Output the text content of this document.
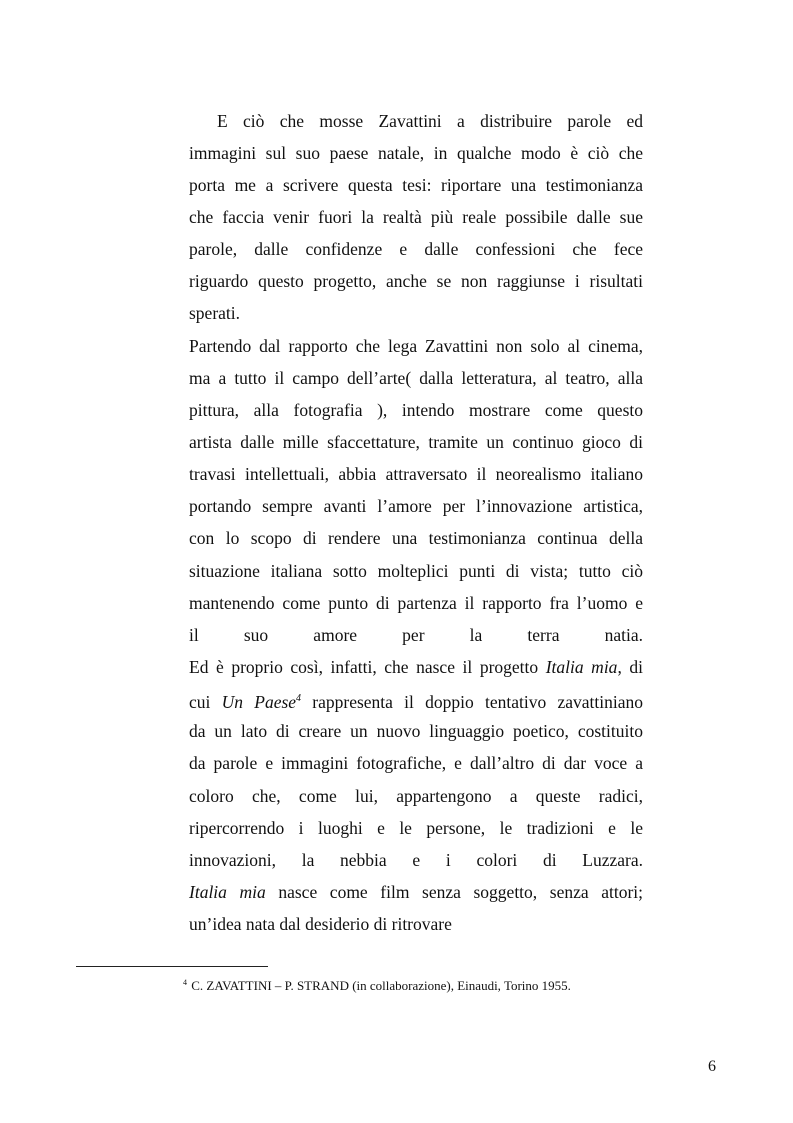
E ciò che mosse Zavattini a distribuire parole ed
immagini sul suo paese natale, in qualche modo è ciò che
porta me a scrivere questa tesi: riportare una testimonianza
che faccia venir fuori la realtà più reale possibile dalle sue
parole, dalle confidenze e dalle confessioni che fece
riguardo questo progetto, anche se non raggiunse i risultati
sperati.
Partendo dal rapporto che lega Zavattini non solo al cinema,
ma a tutto il campo dell’arte( dalla letteratura, al teatro, alla
pittura, alla fotografia ), intendo mostrare come questo
artista dalle mille sfaccettature, tramite un continuo gioco di
travasi intellettuali, abbia attraversato il neorealismo italiano
portando sempre avanti l’amore per l’innovazione artistica,
con lo scopo di rendere una testimonianza continua della
situazione italiana sotto molteplici punti di vista; tutto ciò
mantenendo come punto di partenza il rapporto fra l’uomo e
il suo amore per la terra natia.
Ed è proprio così, infatti, che nasce il progetto Italia mia, di
cui Un Paese$^4$ rappresenta il doppio tentativo zavattiniano
da un lato di creare un nuovo linguaggio poetico, costituito
da parole e immagini fotografiche, e dall’altro di dar voce a
coloro che, come lui, appartengono a queste radici,
ripercorrendo i luoghi e le persone, le tradizioni e le
innovazioni, la nebbia e i colori di Luzzara.
Italia mia nasce come film senza soggetto, senza attori;
un’idea nata dal desiderio di ritrovare
$^4$ C. ZAVATTINI – P. STRAND (in collaborazione), Einaudi, Torino 1955.
6
